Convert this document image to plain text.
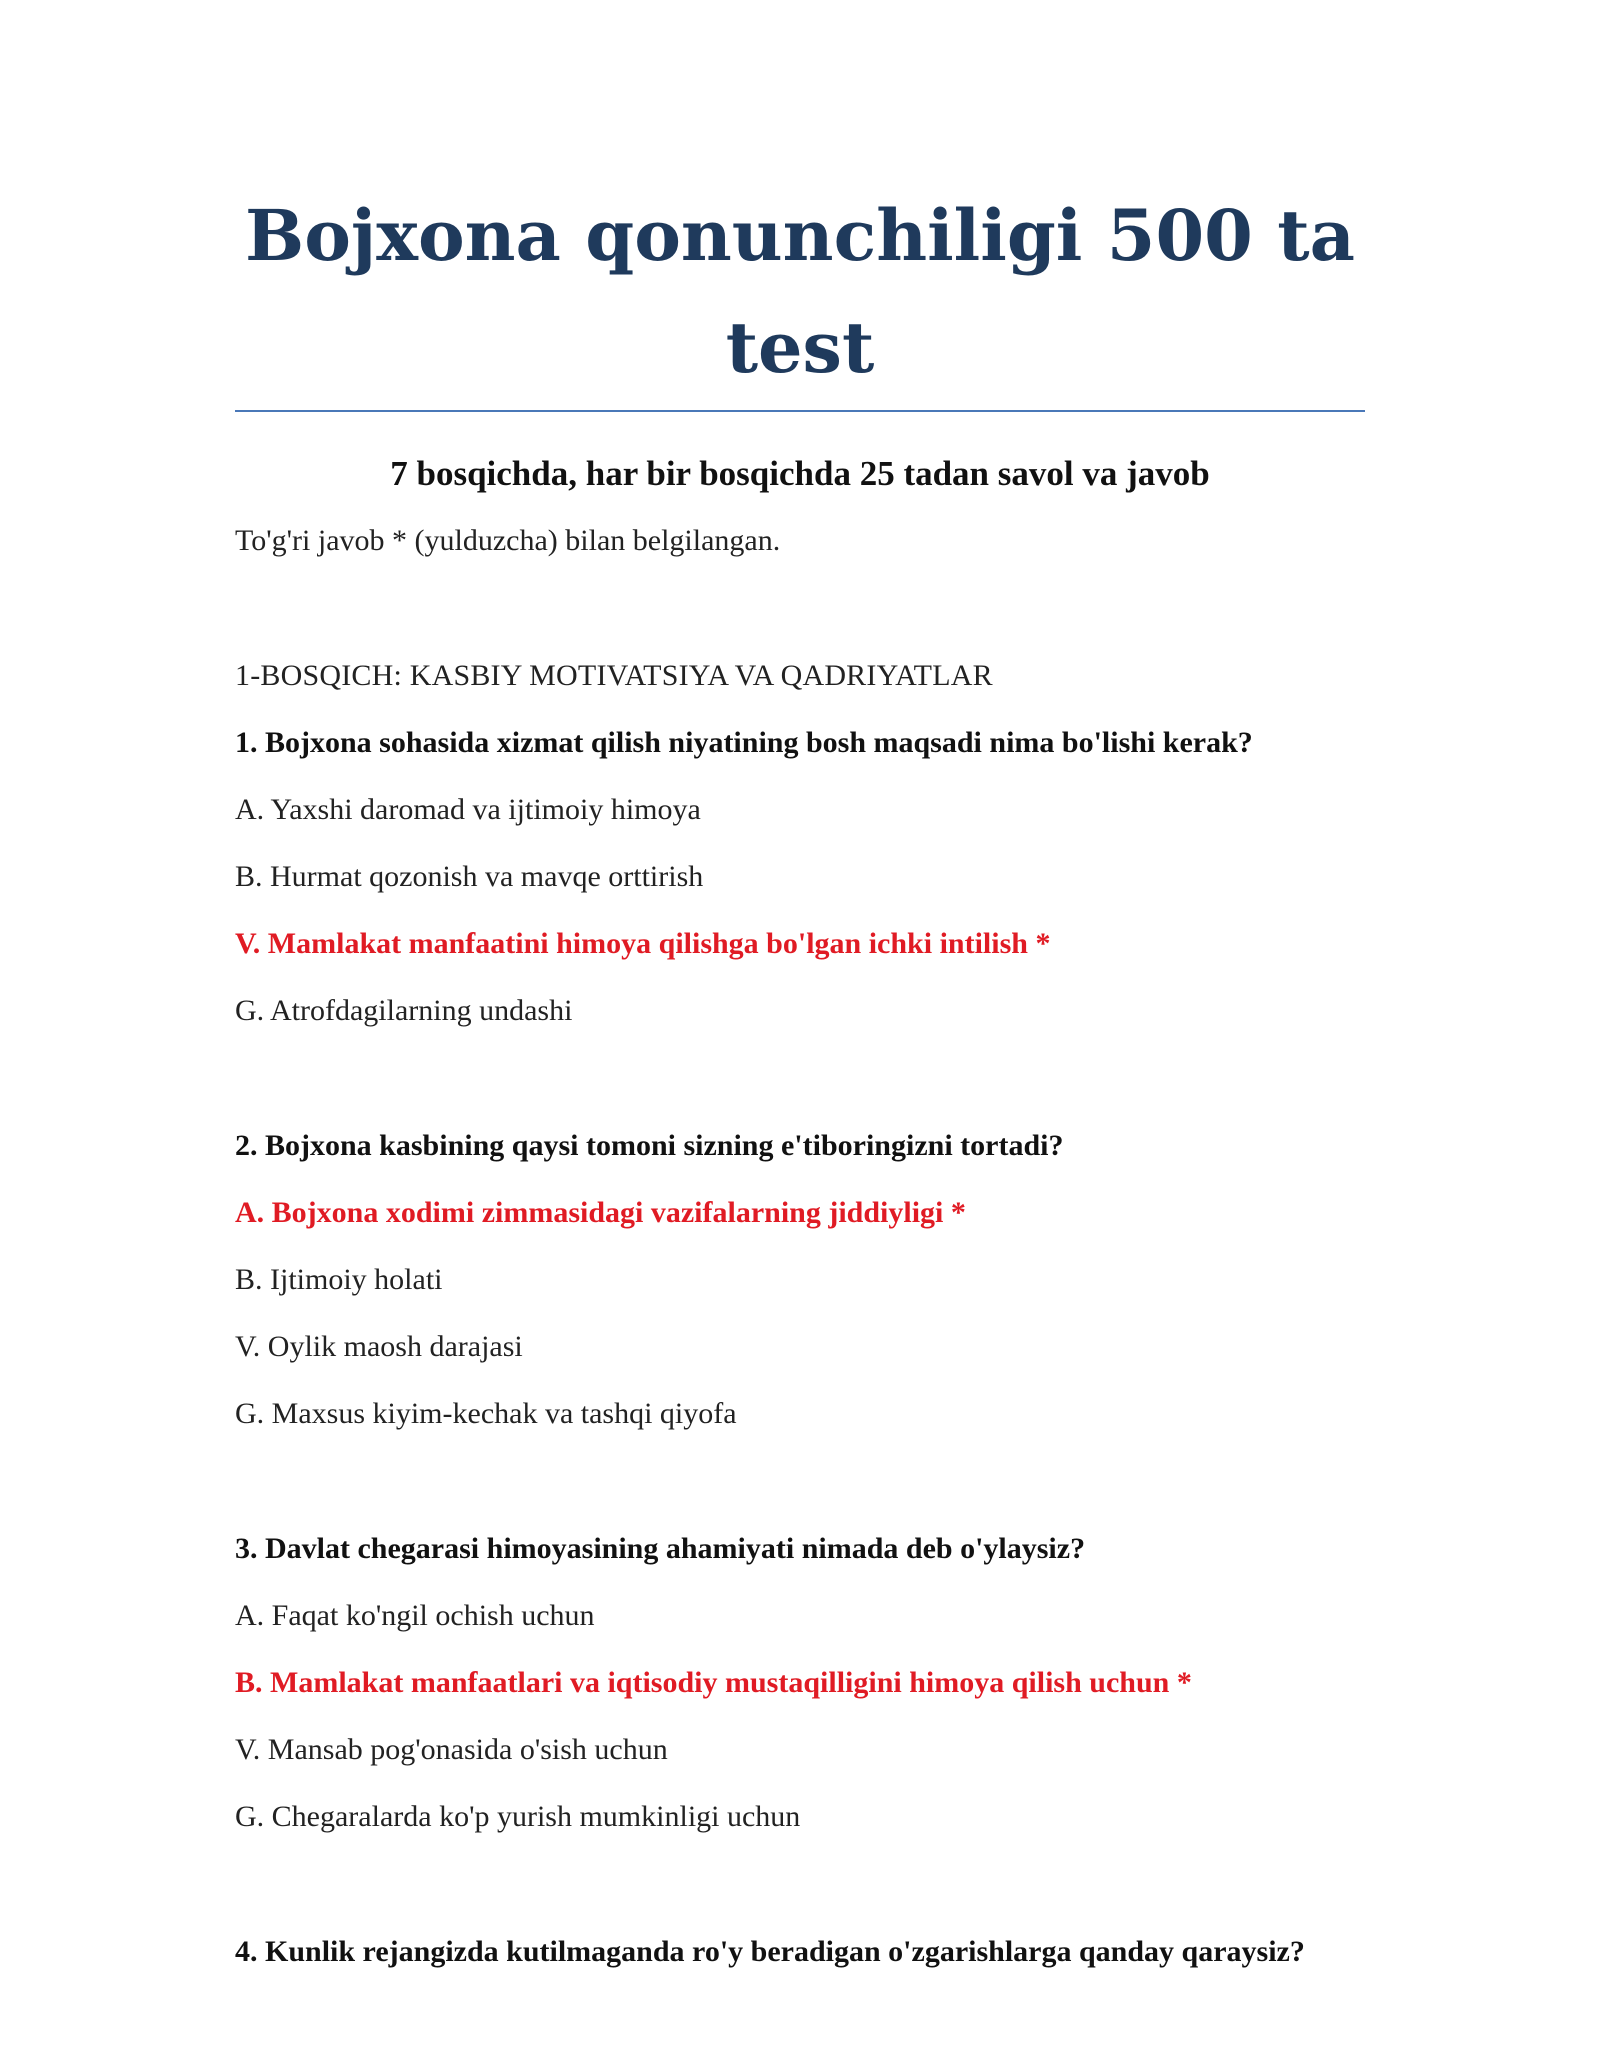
Bojxona qonunchiligi 500 ta test

7 bosqichda, har bir bosqichda 25 tadan savol va javob

To'g'ri javob * (yulduzcha) bilan belgilangan.

1-BOSQICH: KASBIY MOTIVATSIYA VA QADRIYATLAR

1. Bojxona sohasida xizmat qilish niyatining bosh maqsadi nima bo'lishi kerak?

A. Yaxshi daromad va ijtimoiy himoya

B. Hurmat qozonish va mavqe orttirish

V. Mamlakat manfaatini himoya qilishga bo'lgan ichki intilish *

G. Atrofdagilarning undashi

2. Bojxona kasbining qaysi tomoni sizning e'tiboringizni tortadi?

A. Bojxona xodimi zimmasidagi vazifalarning jiddiyligi *

B. Ijtimoiy holati

V. Oylik maosh darajasi

G. Maxsus kiyim-kechak va tashqi qiyofa

3. Davlat chegarasi himoyasining ahamiyati nimada deb o'ylaysiz?

A. Faqat ko'ngil ochish uchun

B. Mamlakat manfaatlari va iqtisodiy mustaqilligini himoya qilish uchun *

V. Mansab pog'onasida o'sish uchun

G. Chegaralarda ko'p yurish mumkinligi uchun

4. Kunlik rejangizda kutilmaganda ro'y beradigan o'zgarishlarga qanday qaraysiz?
